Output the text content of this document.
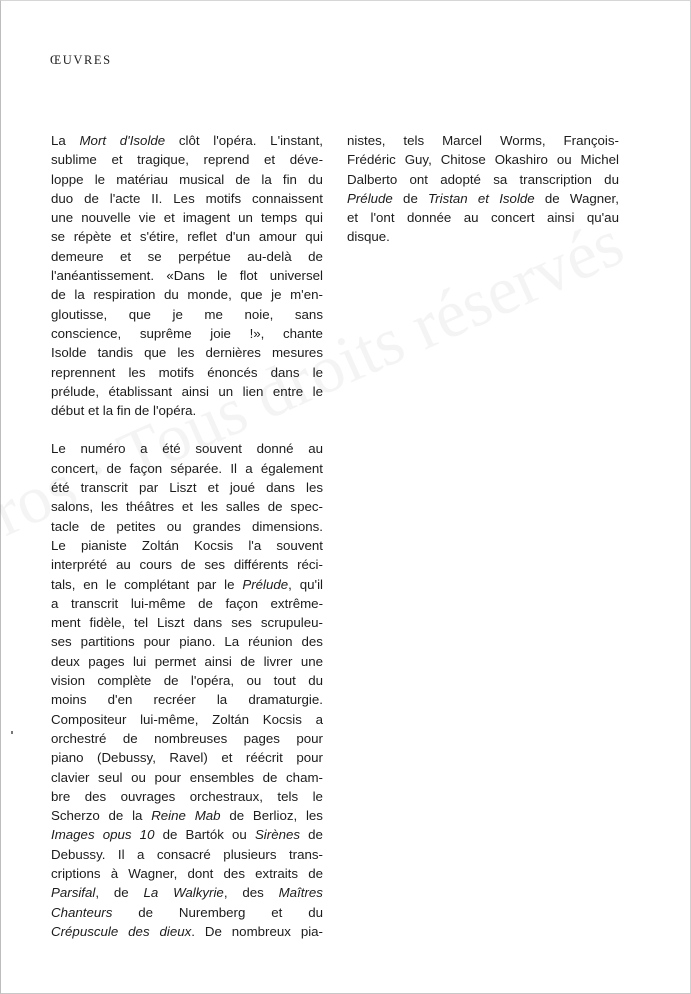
ŒUVRES
La Mort d'Isolde clôt l'opéra. L'instant,
sublime et tragique, reprend et déve-
loppe le matériau musical de la fin du
duo de l'acte II. Les motifs connaissent
une nouvelle vie et imagent un temps qui
se répète et s'étire, reflet d'un amour qui
demeure et se perpétue au-delà de
l'anéantissement. «Dans le flot universel
de la respiration du monde, que je m'en-
gloutisse, que je me noie, sans
conscience, suprême joie !», chante
Isolde tandis que les dernières mesures
reprennent les motifs énoncés dans le
prélude, établissant ainsi un lien entre le
début et la fin de l'opéra.
Le numéro a été souvent donné au
concert, de façon séparée. Il a également
été transcrit par Liszt et joué dans les
salons, les théâtres et les salles de spec-
tacle de petites ou grandes dimensions.
Le pianiste Zoltán Kocsis l'a souvent
interprété au cours de ses différents réci-
tals, en le complétant par le Prélude, qu'il
a transcrit lui-même de façon extrême-
ment fidèle, tel Liszt dans ses scrupuleu-
ses partitions pour piano. La réunion des
deux pages lui permet ainsi de livrer une
vision complète de l'opéra, ou tout du
moins d'en recréer la dramaturgie.
Compositeur lui-même, Zoltán Kocsis a
orchestré de nombreuses pages pour
piano (Debussy, Ravel) et réécrit pour
clavier seul ou pour ensembles de cham-
bre des ouvrages orchestraux, tels le
Scherzo de la Reine Mab de Berlioz, les
Images opus 10 de Bartók ou Sirènes de
Debussy. Il a consacré plusieurs trans-
criptions à Wagner, dont des extraits de
Parsifal, de La Walkyrie, des Maîtres
Chanteurs de Nuremberg et du
Crépuscule des dieux. De nombreux pia-
nistes, tels Marcel Worms, François-
Frédéric Guy, Chitose Okashiro ou Michel
Dalberto ont adopté sa transcription du
Prélude de Tristan et Isolde de Wagner,
et l'ont donnée au concert ainsi qu'au
disque.
